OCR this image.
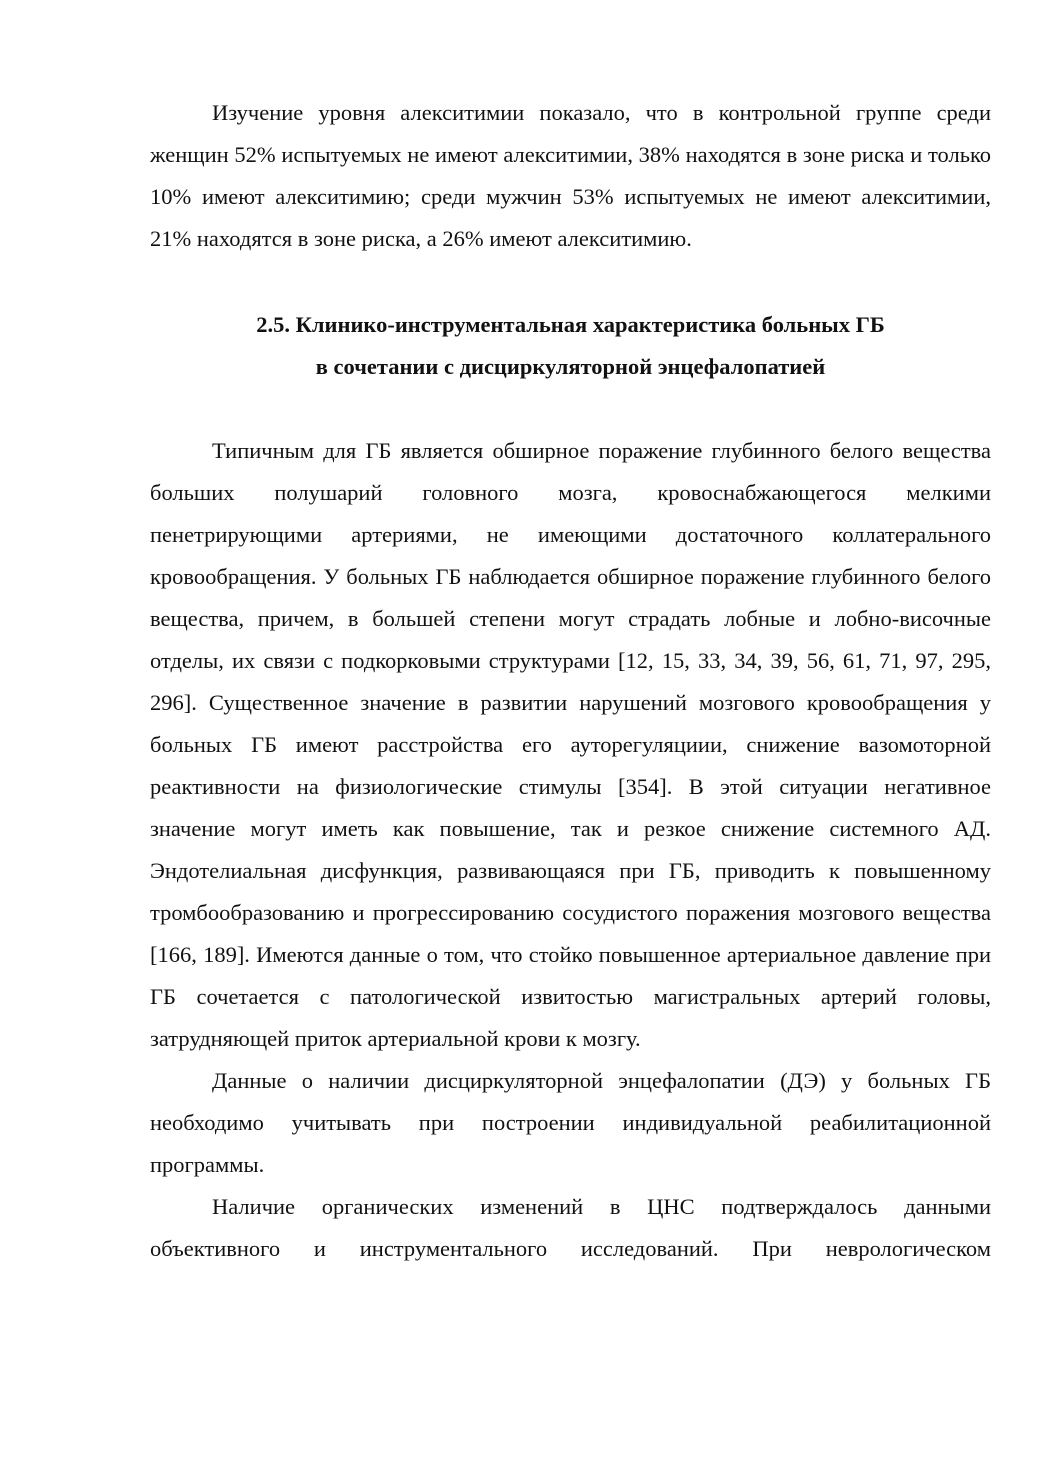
Изучение уровня алекситимии показало, что в контрольной группе среди женщин 52% испытуемых не имеют алекситимии, 38% находятся в зоне риска и только 10% имеют алекситимию; среди мужчин 53% испытуемых не имеют алекситимии, 21% находятся в зоне риска, а 26% имеют алекситимию.

2.5. Клинико-инструментальная характеристика больных ГБ
в сочетании с дисциркуляторной энцефалопатией

Типичным для ГБ является обширное поражение глубинного белого вещества больших полушарий головного мозга, кровоснабжающегося мелкими пенетрирующими артериями, не имеющими достаточного коллатерального кровообращения. У больных ГБ наблюдается обширное поражение глубинного белого вещества, причем, в большей степени могут страдать лобные и лобно-височные отделы, их связи с подкорковыми структурами [12, 15, 33, 34, 39, 56, 61, 71, 97, 295, 296]. Существенное значение в развитии нарушений мозгового кровообращения у больных ГБ имеют расстройства его ауторегуляциии, снижение вазомоторной реактивности на физиологические стимулы [354]. В этой ситуации негативное значение могут иметь как повышение, так и резкое снижение системного АД. Эндотелиальная дисфункция, развивающаяся при ГБ, приводить к повышенному тромбообразованию и прогрессированию сосудистого поражения мозгового вещества [166, 189]. Имеются данные о том, что стойко повышенное артериальное давление при ГБ сочетается с патологической извитостью магистральных артерий головы, затрудняющей приток артериальной крови к мозгу.

Данные о наличии дисциркуляторной энцефалопатии (ДЭ) у больных ГБ необходимо учитывать при построении индивидуальной реабилитационной программы.

Наличие органических изменений в ЦНС подтверждалось данными объективного и инструментального исследований. При неврологическом
